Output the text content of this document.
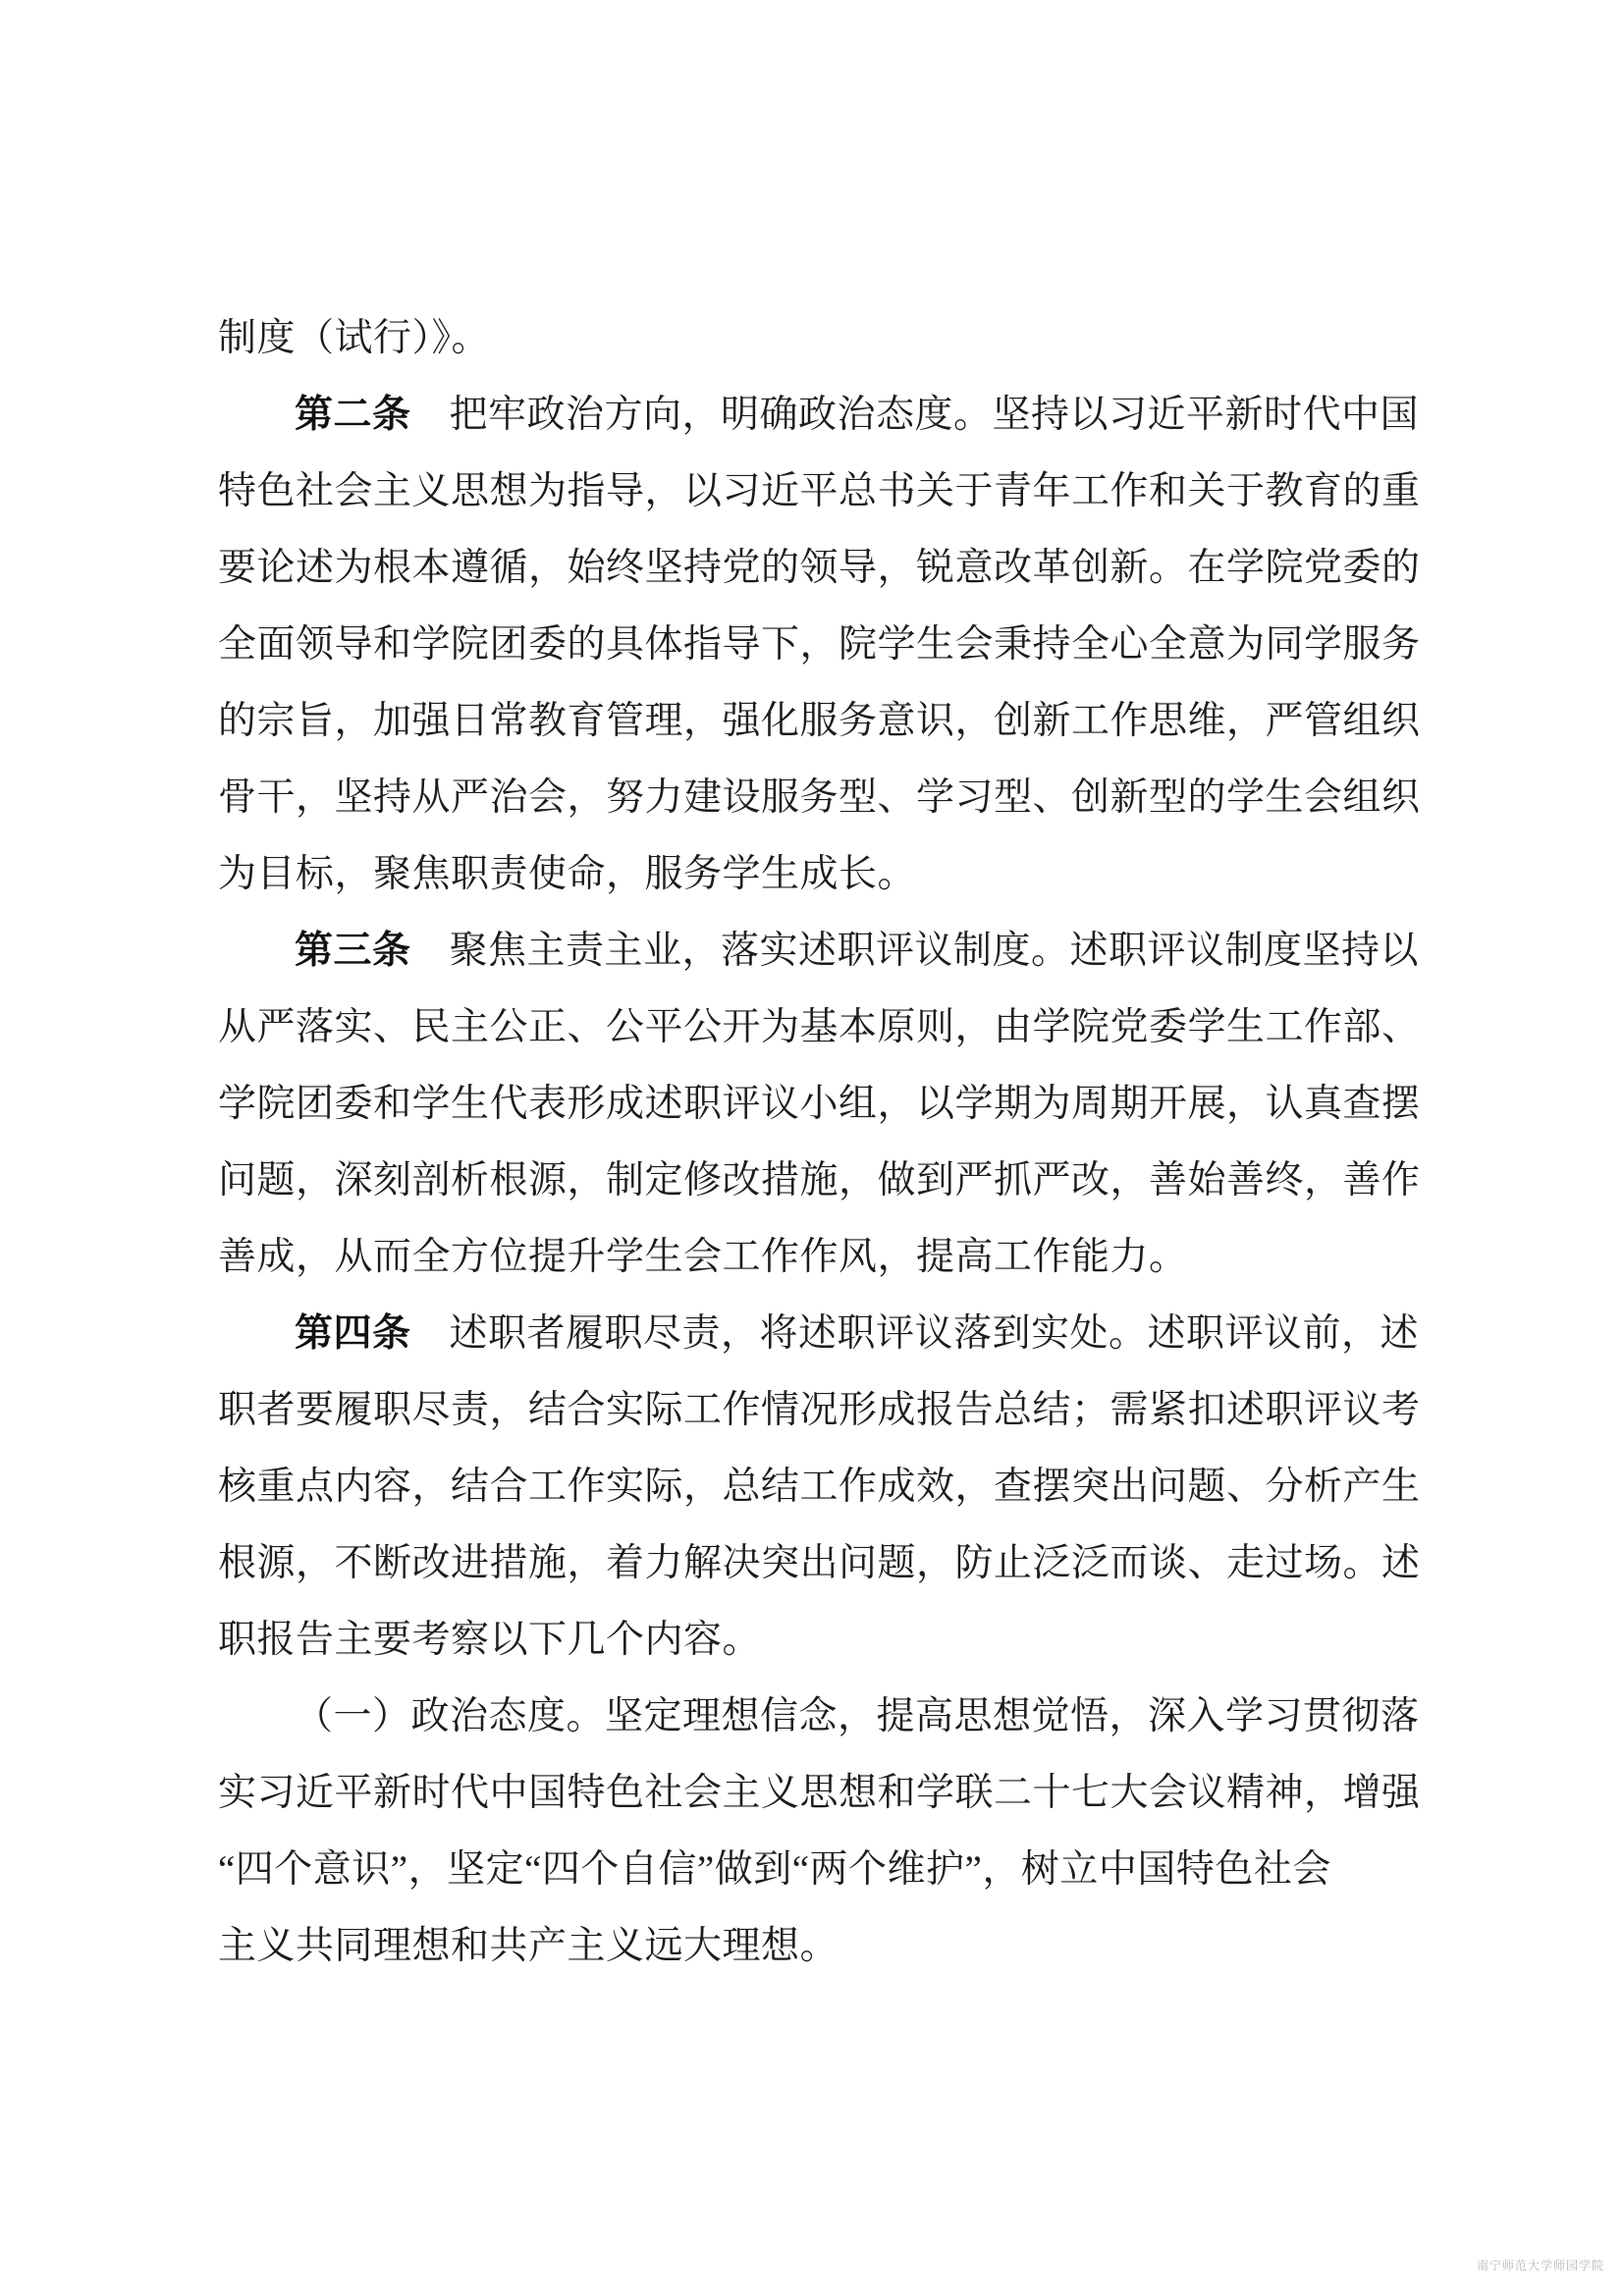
制度（试行）》。
第二条 把牢政治方向，明确政治态度。坚持以习近平新时代中国
特色社会主义思想为指导，以习近平总书关于青年工作和关于教育的重
要论述为根本遵循，始终坚持党的领导，锐意改革创新。在学院党委的
全面领导和学院团委的具体指导下，院学生会秉持全心全意为同学服务
的宗旨，加强日常教育管理，强化服务意识，创新工作思维，严管组织
骨干，坚持从严治会，努力建设服务型、学习型、创新型的学生会组织
为目标，聚焦职责使命，服务学生成长。
第三条 聚焦主责主业，落实述职评议制度。述职评议制度坚持以
从严落实、民主公正、公平公开为基本原则，由学院党委学生工作部、
学院团委和学生代表形成述职评议小组，以学期为周期开展，认真查摆
问题，深刻剖析根源，制定修改措施，做到严抓严改，善始善终，善作
善成，从而全方位提升学生会工作作风，提高工作能力。
第四条 述职者履职尽责，将述职评议落到实处。述职评议前，述
职者要履职尽责，结合实际工作情况形成报告总结；需紧扣述职评议考
核重点内容，结合工作实际，总结工作成效，查摆突出问题、分析产生
根源，不断改进措施，着力解决突出问题，防止泛泛而谈、走过场。述
职报告主要考察以下几个内容。
（一）政治态度。坚定理想信念，提高思想觉悟，深入学习贯彻落
实习近平新时代中国特色社会主义思想和学联二十七大会议精神，增强
“四个意识”，坚定“四个自信”做到“两个维护”，树立中国特色社会
主义共同理想和共产主义远大理想。
南宁师范大学师园学院
